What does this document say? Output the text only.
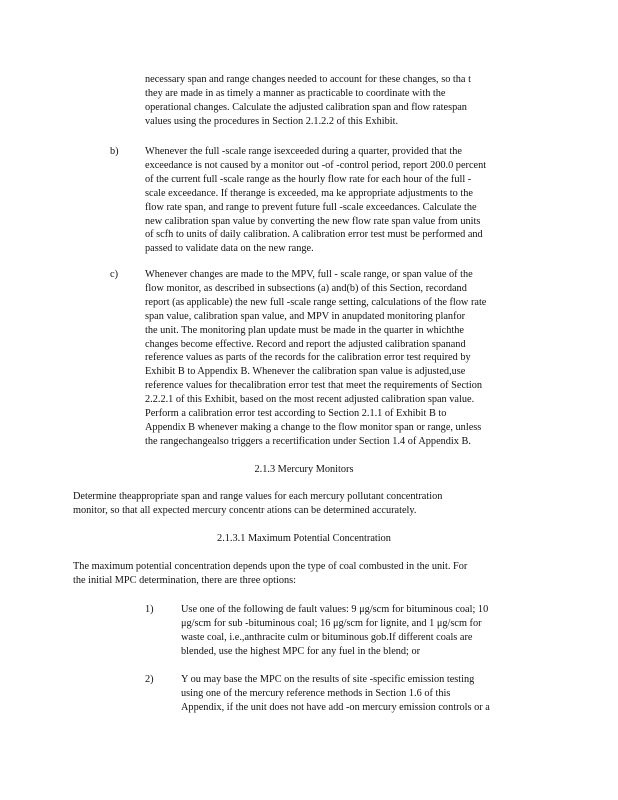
necessary span and range changes needed to account for these changes, so tha t
they are made in as timely a manner as practicable to coordinate with the
operational changes. Calculate the adjusted calibration span and flow ratespan
values using the procedures in Section 2.1.2.2 of this Exhibit.
b)	Whenever the full -scale range isexceeded during a quarter, provided that the
exceedance is not caused by a monitor out -of -control period, report 200.0 percent
of the current full -scale range as the hourly flow rate for each hour of the full -
scale exceedance. If therange is exceeded, ma ke appropriate adjustments to the
flow rate span, and range to prevent future full -scale exceedances. Calculate the
new calibration span value by converting the new flow rate span value from units
of scfh to units of daily calibration. A calibration error test must be performed and
passed to validate data on the new range.
c)	Whenever changes are made to the MPV, full - scale range, or span value of the
flow monitor, as described in subsections (a) and(b) of this Section, recordand
report (as applicable) the new full -scale range setting, calculations of the flow rate
span value, calibration span value, and MPV in anupdated monitoring planfor
the unit. The monitoring plan update must be made in the quarter in whichthe
changes become effective. Record and report the adjusted calibration spanand
reference values as parts of the records for the calibration error test required by
Exhibit B to Appendix B. Whenever the calibration span value is adjusted,use
reference values for thecalibration error test that meet the requirements of Section
2.2.2.1 of this Exhibit, based on the most recent adjusted calibration span value.
Perform a calibration error test according to Section 2.1.1 of Exhibit B to
Appendix B whenever making a change to the flow monitor span or range, unless
the rangechangealso triggers a recertification under Section 1.4 of Appendix B.
2.1.3 Mercury Monitors
Determine theappropriate span and range values for each mercury pollutant concentration
monitor, so that all expected mercury concentr ations can be determined accurately.
2.1.3.1 Maximum Potential Concentration
The maximum potential concentration depends upon the type of coal combusted in the unit. For
the initial MPC determination, there are three options:
1)	Use one of the following de fault values: 9 μg/scm for bituminous coal; 10
μg/scm for sub -bituminous coal; 16 μg/scm for lignite, and 1 μg/scm for
waste coal, i.e.,anthracite culm or bituminous gob.If different coals are
blended, use the highest MPC for any fuel in the blend; or
2)	Y ou may base the MPC on the results of site -specific emission testing
using one of the mercury reference methods in Section 1.6 of this
Appendix, if the unit does not have add -on mercury emission controls or a
